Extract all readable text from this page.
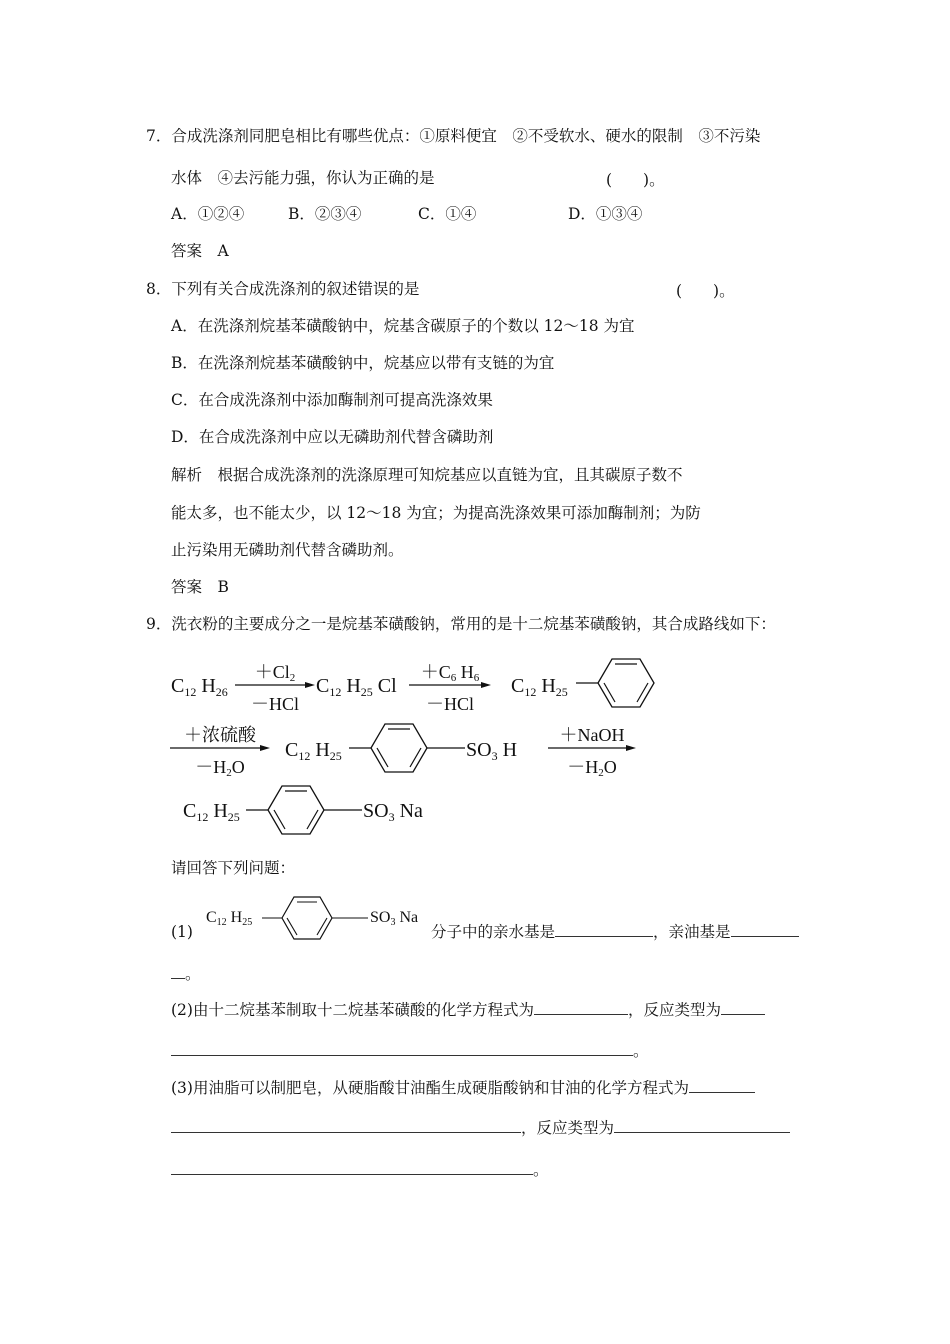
7．合成洗涤剂同肥皂相比有哪些优点：①原料便宜　②不受软水、硬水的限制　③不污染
水体　④去污能力强，你认为正确的是	(　　)。
A．①②④	B．②③④	C．①④	D．①③④
答案　A
8．下列有关合成洗涤剂的叙述错误的是	(　　)。
A．在洗涤剂烷基苯磺酸钠中，烷基含碳原子的个数以 12～18 为宜
B．在洗涤剂烷基苯磺酸钠中，烷基应以带有支链的为宜
C．在合成洗涤剂中添加酶制剂可提高洗涤效果
D．在合成洗涤剂中应以无磷助剂代替含磷助剂
解析　根据合成洗涤剂的洗涤原理可知烷基应以直链为宜，且其碳原子数不
能太多，也不能太少，以 12～18 为宜；为提高洗涤效果可添加酶制剂；为防
止污染用无磷助剂代替含磷助剂。
答案　B
9．洗衣粉的主要成分之一是烷基苯磺酸钠，常用的是十二烷基苯磺酸钠，其合成路线如下：
$C_{12}$ $H_{26}$
$+Cl_2$
－HCl
$C_{12}$ $H_{25}$ Cl
$+C_6$ $H_6$
－HCl
$C_{12}$ $H_{25}$
＋浓硫酸
$-H_2O$
$C_{12}$ $H_{25}$	$SO_3$ H
＋NaOH
$-H_2O$
$C_{12}$ $H_{25}$	$SO_3$ Na
请回答下列问题：
(1)
$C_{12}$ $H_{25}$	$SO_3$ Na
分子中的亲水基是	，亲油基是
。
(2)由十二烷基苯制取十二烷基苯磺酸的化学方程式为	，反应类型为
。
(3)用油脂可以制肥皂，从硬脂酸甘油酯生成硬脂酸钠和甘油的化学方程式为
，反应类型为
。
